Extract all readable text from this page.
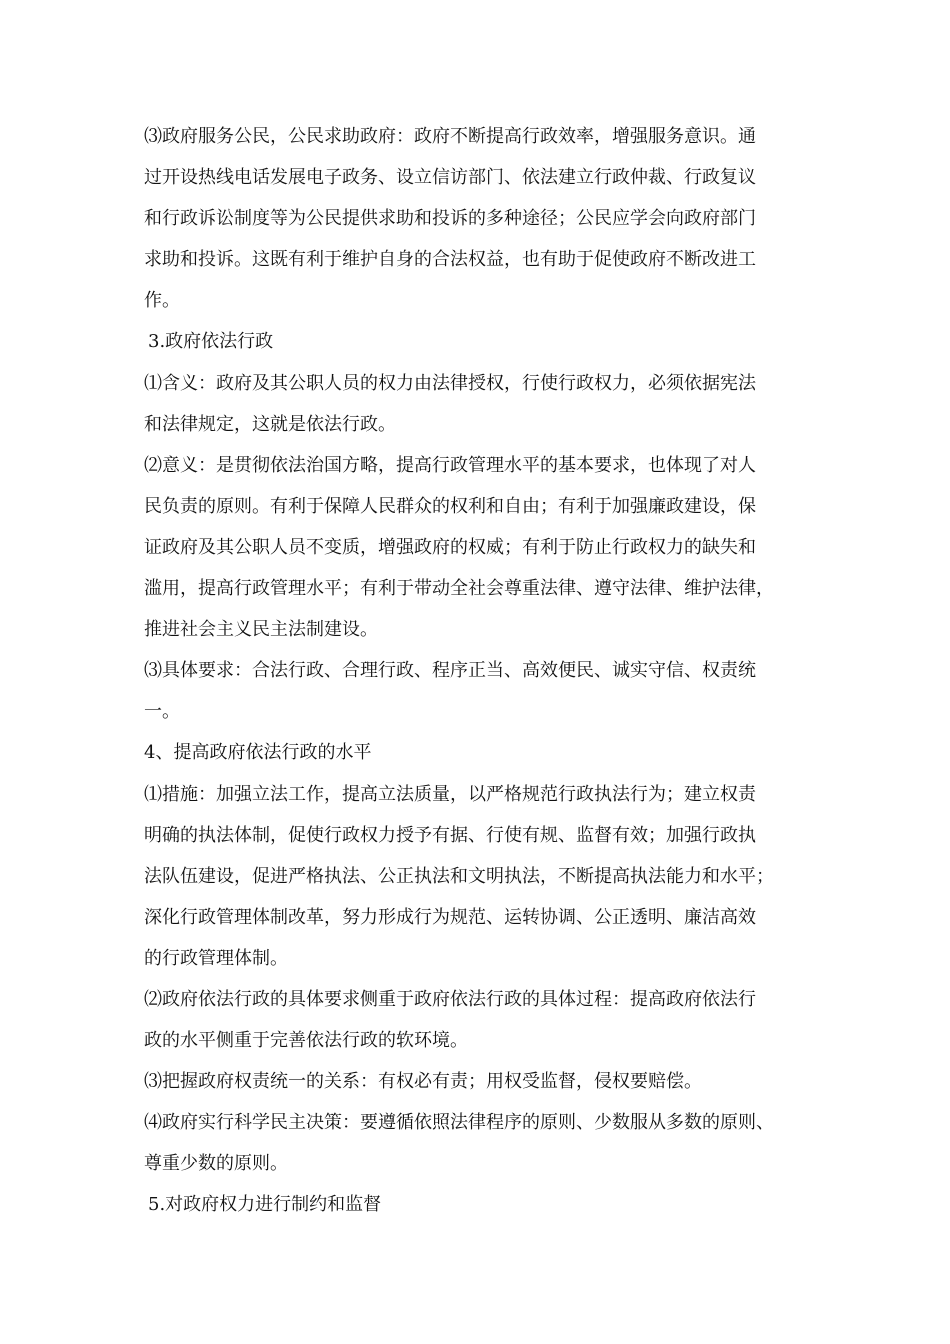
⑶政府服务公民，公民求助政府：政府不断提高行政效率，增强服务意识。通
过开设热线电话发展电子政务、设立信访部门、依法建立行政仲裁、行政复议
和行政诉讼制度等为公民提供求助和投诉的多种途径；公民应学会向政府部门
求助和投诉。这既有利于维护自身的合法权益，也有助于促使政府不断改进工
作。
3.政府依法行政
⑴含义：政府及其公职人员的权力由法律授权，行使行政权力，必须依据宪法
和法律规定，这就是依法行政。
⑵意义：是贯彻依法治国方略，提高行政管理水平的基本要求，也体现了对人
民负责的原则。有利于保障人民群众的权利和自由；有利于加强廉政建设，保
证政府及其公职人员不变质，增强政府的权威；有利于防止行政权力的缺失和
滥用，提高行政管理水平；有利于带动全社会尊重法律、遵守法律、维护法律，
推进社会主义民主法制建设。
⑶具体要求：合法行政、合理行政、程序正当、高效便民、诚实守信、权责统
一。
4、提高政府依法行政的水平
⑴措施：加强立法工作，提高立法质量，以严格规范行政执法行为；建立权责
明确的执法体制，促使行政权力授予有据、行使有规、监督有效；加强行政执
法队伍建设，促进严格执法、公正执法和文明执法，不断提高执法能力和水平；
深化行政管理体制改革，努力形成行为规范、运转协调、公正透明、廉洁高效
的行政管理体制。
⑵政府依法行政的具体要求侧重于政府依法行政的具体过程：提高政府依法行
政的水平侧重于完善依法行政的软环境。
⑶把握政府权责统一的关系：有权必有责；用权受监督，侵权要赔偿。
⑷政府实行科学民主决策：要遵循依照法律程序的原则、少数服从多数的原则、
尊重少数的原则。
5.对政府权力进行制约和监督
